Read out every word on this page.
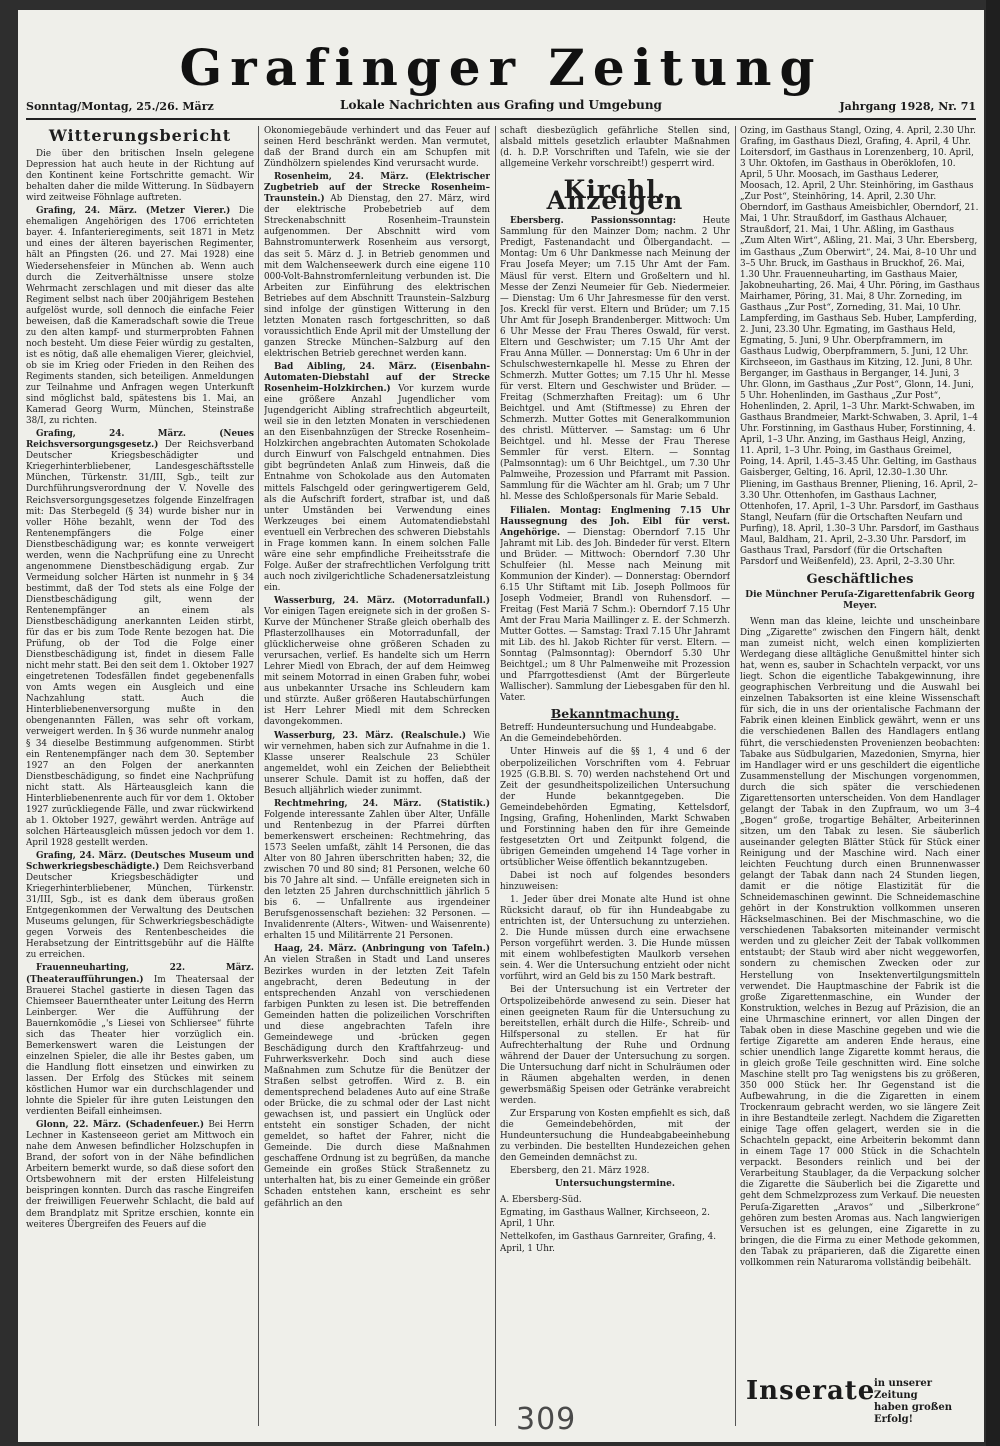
Grafinger Zeitung
Sonntag/Montag, 25./26. März	Lokale Nachrichten aus Grafing und Umgebung	Jahrgang 1928, Nr. 71
Witterungsbericht

Die über den britischen Inseln gelegene Depression hat auch heute in der Richtung auf den Kontinent keine Fortschritte gemacht. Wir behalten daher die milde Witterung. In Südbayern wird zeitweise Föhnlage auftreten.

Grafing, 24. März. (Metzer Vierer.) Die ehemaligen Angehörigen des 1706 errichteten bayer. 4. Infanterieregiments, seit 1871 in Metz und eines der älteren bayerischen Regimenter, hält an Pfingsten (26. und 27. Mai 1928) eine Wiedersehensfeier in München ab. Wenn auch durch die Zeitverhältnisse unsere stolze Wehrmacht zerschlagen und mit dieser das alte Regiment selbst nach über 200jährigem Bestehen aufgelöst wurde, soll dennoch die einfache Feier beweisen, daß die Kameradschaft sowie die Treue zu den alten kampf- und sturmerprobten Fahnen noch besteht. Um diese Feier würdig zu gestalten, ist es nötig, daß alle ehemaligen Vierer, gleichviel, ob sie im Krieg oder Frieden in den Reihen des Regiments standen, sich beteiligen. Anmeldungen zur Teilnahme und Anfragen wegen Unterkunft sind möglichst bald, spätestens bis 1. Mai, an Kamerad Georg Wurm, München, Steinstraße 38/I, zu richten.

Grafing, 24. März. (Neues Reichsversorgungsgesetz.) Der Reichsverband Deutscher Kriegsbeschädigter und Kriegerhinterbliebener, Landesgeschäftsstelle München, Türkenstr. 31/III, Sgb., teilt zur Durchführungsverordnung der V. Novelle des Reichsversorgungsgesetzes folgende Einzelfragen mit: Das Sterbegeld (§ 34) wurde bisher nur in voller Höhe bezahlt, wenn der Tod des Rentenempfängers die Folge einer Dienstbeschädigung war; es konnte verweigert werden, wenn die Nachprüfung eine zu Unrecht angenommene Dienstbeschädigung ergab. Zur Vermeidung solcher Härten ist nunmehr in § 34 bestimmt, daß der Tod stets als eine Folge der Dienstbeschädigung gilt, wenn der Rentenempfänger an einem als Dienstbeschädigung anerkannten Leiden stirbt, für das er bis zum Tode Rente bezogen hat. Die Prüfung, ob der Tod die Folge einer Dienstbeschädigung ist, findet in diesem Falle nicht mehr statt. Bei den seit dem 1. Oktober 1927 eingetretenen Todesfällen findet gegebenenfalls von Amts wegen ein Ausgleich und eine Nachzahlung statt. Auch die Hinterbliebenenversorgung mußte in den obengenannten Fällen, was sehr oft vorkam, verweigert werden. In § 36 wurde nunmehr analog § 34 dieselbe Bestimmung aufgenommen. Stirbt ein Rentenempfänger nach dem 30. September 1927 an den Folgen der anerkannten Dienstbeschädigung, so findet eine Nachprüfung nicht statt. Als Härteausgleich kann die Hinterbliebenenrente auch für vor dem 1. Oktober 1927 zurückliegende Fälle, und zwar rückwirkend ab 1. Oktober 1927, gewährt werden. Anträge auf solchen Härteausgleich müssen jedoch vor dem 1. April 1928 gestellt werden.

Grafing, 24. März. (Deutsches Museum und Schwerkriegsbeschädigte.) Dem Reichsverband Deutscher Kriegsbeschädigter und Kriegerhinterbliebener, München, Türkenstr. 31/III, Sgb., ist es dank dem überaus großen Entgegenkommen der Verwaltung des Deutschen Museums gelungen, für Schwerkriegsbeschädigte gegen Vorweis des Rentenbescheides die Herabsetzung der Eintrittsgebühr auf die Hälfte zu erreichen.

Frauenneuharting, 22. März. (Theateraufführungen.) Im Theatersaal der Brauerei Stachel gastierte in diesen Tagen das Chiemseer Bauerntheater unter Leitung des Herrn Leinberger. Wer die Aufführung der Bauernkomödie „'s Liesei von Schliersee“ führte sich das Theater hier vorzüglich ein. Bemerkenswert waren die Leistungen der einzelnen Spieler, die alle ihr Bestes gaben, um die Handlung flott einsetzen und einwirken zu lassen. Der Erfolg des Stückes mit seinem köstlichen Humor war ein durchschlagender und lohnte die Spieler für ihre guten Leistungen den verdienten Beifall einheimsen.

Glonn, 22. März. (Schadenfeuer.) Bei Herrn Lechner in Kastenseeon geriet am Mittwoch ein nahe dem Anwesen befindlicher Holzschupfen in Brand, der sofort von in der Nähe befindlichen Arbeitern bemerkt wurde, so daß diese sofort den Ortsbewohnern mit der ersten Hilfeleistung beispringen konnten. Durch das rasche Eingreifen der freiwilligen Feuerwehr Schlacht, die bald auf dem Brandplatz mit Spritze erschien, konnte ein weiteres Übergreifen des Feuers auf die

Ökonomiegebäude verhindert und das Feuer auf seinen Herd beschränkt werden. Man vermutet, daß der Brand durch ein am Schupfen mit Zündhölzern spielendes Kind verursacht wurde.

Rosenheim, 24. März. (Elektrischer Zugbetrieb auf der Strecke Rosenheim–Traunstein.) Ab Dienstag, den 27. März, wird der elektrische Probebetrieb auf dem Streckenabschnitt Rosenheim–Traunstein aufgenommen. Der Abschnitt wird vom Bahnstromunterwerk Rosenheim aus versorgt, das seit 5. März d. J. in Betrieb genommen und mit dem Walchenseewerk durch eine eigene 110 000-Volt-Bahnstromfernleitung verbunden ist. Die Arbeiten zur Einführung des elektrischen Betriebes auf dem Abschnitt Traunstein–Salzburg sind infolge der günstigen Witterung in den letzten Monaten rasch fortgeschritten, so daß voraussichtlich Ende April mit der Umstellung der ganzen Strecke München–Salzburg auf den elektrischen Betrieb gerechnet werden kann.

Bad Aibling, 24. März. (Eisenbahn-Automaten-Diebstahl auf der Strecke Rosenheim–Holzkirchen.) Vor kurzem wurde eine größere Anzahl Jugendlicher vom Jugendgericht Aibling strafrechtlich abgeurteilt, weil sie in den letzten Monaten in verschiedenen an den Eisenbahnzügen der Strecke Rosenheim–Holzkirchen angebrachten Automaten Schokolade durch Einwurf von Falschgeld entnahmen. Dies gibt begründeten Anlaß zum Hinweis, daß die Entnahme von Schokolade aus den Automaten mittels Falschgeld oder geringwertigerem Geld, als die Aufschrift fordert, strafbar ist, und daß unter Umständen bei Verwendung eines Werkzeuges bei einem Automatendiebstahl eventuell ein Verbrechen des schweren Diebstahls in Frage kommen kann. In einem solchen Falle wäre eine sehr empfindliche Freiheitsstrafe die Folge. Außer der strafrechtlichen Verfolgung tritt auch noch zivilgerichtliche Schadenersatzleistung ein.

Wasserburg, 24. März. (Motorradunfall.) Vor einigen Tagen ereignete sich in der großen S-Kurve der Münchener Straße gleich oberhalb des Pflasterzollhauses ein Motorradunfall, der glücklicherweise ohne größeren Schaden zu verursachen, verlief. Es handelte sich um Herrn Lehrer Miedl von Ebrach, der auf dem Heimweg mit seinem Motorrad in einen Graben fuhr, wobei aus unbekannter Ursache ins Schleudern kam und stürzte. Außer größeren Hautabschürfungen ist Herr Lehrer Miedl mit dem Schrecken davongekommen.

Wasserburg, 23. März. (Realschule.) Wie wir vernehmen, haben sich zur Aufnahme in die 1. Klasse unserer Realschule 23 Schüler angemeldet, wohl ein Zeichen der Beliebtheit unserer Schule. Damit ist zu hoffen, daß der Besuch alljährlich wieder zunimmt.

Rechtmehring, 24. März. (Statistik.) Folgende interessante Zahlen über Alter, Unfälle und Rentenbezug in der Pfarrei dürften bemerkenswert erscheinen: Rechtmehring, das 1573 Seelen umfaßt, zählt 14 Personen, die das Alter von 80 Jahren überschritten haben; 32, die zwischen 70 und 80 sind; 81 Personen, welche 60 bis 70 Jahre alt sind. — Unfälle ereigneten sich in den letzten 25 Jahren durchschnittlich jährlich 5 bis 6. — Unfallrente aus irgendeiner Berufsgenossenschaft beziehen: 32 Personen. — Invalidenrente (Alters-, Witwen- und Waisenrente) erhalten 15 und Militärrente 21 Personen.

Haag, 24. März. (Anbringung von Tafeln.) An vielen Straßen in Stadt und Land unseres Bezirkes wurden in der letzten Zeit Tafeln angebracht, deren Bedeutung in der entsprechenden Anzahl von verschiedenen farbigen Punkten zu lesen ist. Die betreffenden Gemeinden hatten die polizeilichen Vorschriften und diese angebrachten Tafeln ihre Gemeindewege und -brücken gegen Beschädigung durch den Kraftfahrzeug- und Fuhrwerksverkehr. Doch sind auch diese Maßnahmen zum Schutze für die Benützer der Straßen selbst getroffen. Wird z. B. ein dementsprechend beladenes Auto auf eine Straße oder Brücke, die zu schmal oder der Last nicht gewachsen ist, und passiert ein Unglück oder entsteht ein sonstiger Schaden, der nicht gemeldet, so haftet der Fahrer, nicht die Gemeinde. Die durch diese Maßnahmen geschaffene Ordnung ist zu begrüßen, da manche Gemeinde ein großes Stück Straßennetz zu unterhalten hat, bis zu einer Gemeinde ein größer Schaden entstehen kann, erscheint es sehr gefährlich an den

schaft diesbezüglich gefährliche Stellen sind, alsbald mittels gesetzlich erlaubter Maßnahmen (d. h. D.P. Vorschriften und Tafeln, wie sie der allgemeine Verkehr vorschreibt!) gesperrt wird.

Kirchl. Anzeigen

Ebersberg. Passionssonntag:	Heute Sammlung für den Mainzer Dom; nachm. 2 Uhr Predigt, Fastenandacht und Ölbergandacht. — Montag: Um 6 Uhr Dankmesse nach Meinung der Frau Josefa Meyer; um 7.15 Uhr Amt der Fam. Mäusl für verst. Eltern und Großeltern und hl. Messe der Zenzi Neumeier für Geb. Niedermeier. — Dienstag: Um 6 Uhr Jahresmesse für den verst. Jos. Kreckl für verst. Eltern und Brüder; um 7.15 Uhr Amt für Joseph Brandenberger. Mittwoch: Um 6 Uhr Messe der Frau Theres Oswald, für verst. Eltern und Geschwister; um 7.15 Uhr Amt der Frau Anna Müller. — Donnerstag: Um 6 Uhr in der Schulschwesternkapelle hl. Messe zu Ehren der Schmerzh. Mutter Gottes; um 7.15 Uhr hl. Messe für verst. Eltern und Geschwister und Brüder. — Freitag (Schmerzhaften Freitag): um 6 Uhr Beichtgel. und Amt (Stiftmesse) zu Ehren der Schmerzh. Mutter Gottes mit Generalkommunion des christl. Mütterver. — Samstag: um 6 Uhr Beichtgel. und hl. Messe der Frau Therese Semmler für verst. Eltern. — Sonntag (Palmsonntag): um 6 Uhr Beichtgel., um 7.30 Uhr Palmweihe, Prozession und Pfarramt mit Passion. Sammlung für die Wächter am hl. Grab; um 7 Uhr hl. Messe des Schloßpersonals für Marie Sebald.

Filialen. Montag: Englmening 7.15 Uhr Haussegnung des Joh. Eibl für verst. Angehörige. — Dienstag: Oberndorf 7.15 Uhr Jahramt mit Lib. des Joh. Bindeder für verst. Eltern und Brüder. — Mittwoch: Oberndorf 7.30 Uhr Schulfeier (hl. Messe nach Meinung mit Kommunion der Kinder). — Donnerstag: Oberndorf 6.15 Uhr Stiftamt mit Lib. Joseph Pollmoos für Joseph Vodmeier, Brandl von Ruhensdorf. — Freitag (Fest Mariä 7 Schm.): Oberndorf 7.15 Uhr Amt der Frau Maria Maillinger z. E. der Schmerzh. Mutter Gottes. — Samstag: Traxl 7.15 Uhr Jahramt mit Lib. des hl. Jakob Richter für verst. Eltern. — Sonntag (Palmsonntag): Oberndorf 5.30 Uhr Beichtgel.; um 8 Uhr Palmenweihe mit Prozession und Pfarrgottesdienst (Amt der Bürgerleute Wallischer). Sammlung der Liebesgaben für den hl. Vater.

Bekanntmachung.

Betreff: Hundeuntersuchung und Hundeabgabe. An die Gemeindebehörden.

Unter Hinweis auf die §§ 1, 4 und 6 der oberpolizeilichen Vorschriften vom 4. Februar 1925 (G.B.Bl. S. 70) werden nachstehend Ort und Zeit der gesundheitspolizeilichen Untersuchung der Hunde bekanntgegeben. Die Gemeindebehörden Egmating, Kettelsdorf, Ingsing, Grafing, Hohenlinden, Markt Schwaben und Forstinning haben den für ihre Gemeinde festgesetzten Ort und Zeitpunkt folgend, die übrigen Gemeinden umgehend 14 Tage vorher in ortsüblicher Weise öffentlich bekanntzugeben.

Dabei ist noch auf folgendes besonders hinzuweisen:

1. Jeder über drei Monate alte Hund ist ohne Rücksicht darauf, ob für ihn Hundeabgabe zu entrichten ist, der Untersuchung zu unterziehen. 2. Die Hunde müssen durch eine erwachsene Person vorgeführt werden. 3. Die Hunde müssen mit einem wohlbefestigten Maulkorb versehen sein. 4. Wer die Untersuchung entzieht oder nicht vorführt, wird an Geld bis zu 150 Mark bestraft.

Bei der Untersuchung ist ein Vertreter der Ortspolizeibehörde anwesend zu sein. Dieser hat einen geeigneten Raum für die Untersuchung zu bereitstellen, erhält durch die Hilfe-, Schreib- und Hilfspersonal zu stellen. Er hat für Aufrechterhaltung der Ruhe und Ordnung während der Dauer der Untersuchung zu sorgen. Die Untersuchung darf nicht in Schulräumen oder in Räumen abgehalten werden, in denen gewerbsmäßig Speisen oder Getränke verabreicht werden.

Zur Ersparung von Kosten empfiehlt es sich, daß die Gemeindebehörden, mit der Hundeuntersuchung die Hundeabgabeeinhebung zu verbinden. Die bestellten Hundezeichen gehen den Gemeinden demnächst zu.

Ebersberg, den 21. März 1928.

Untersuchungstermine.

A. Ebersberg-Süd.

Egmating, im Gasthaus Wallner, Kirchseeon, 2. April, 1 Uhr.

Nettelkofen, im Gasthaus Garnreiter, Grafing, 4. April, 1 Uhr.

Ozing, im Gasthaus Stangl, Ozing, 4. April, 2.30 Uhr. Grafing, im Gasthaus Diezl, Grafing, 4. April, 4 Uhr. Loitersdorf, im Gasthaus in Lorenzenberg, 10. April, 3 Uhr. Oktofen, im Gasthaus in Oberöklofen, 10. April, 5 Uhr. Moosach, im Gasthaus Lederer, Moosach, 12. April, 2 Uhr. Steinhöring, im Gasthaus „Zur Post“, Steinhöring, 14. April, 2.30 Uhr. Oberndorf, im Gasthaus Ameisbichler, Oberndorf, 21. Mai, 1 Uhr. Straußdorf, im Gasthaus Alchauer, Straußdorf, 21. Mai, 1 Uhr. Aßling, im Gasthaus „Zum Alten Wirt“, Aßling, 21. Mai, 3 Uhr. Ebersberg, im Gasthaus „Zum Oberwirt“, 24. Mai, 8–10 Uhr und 3–5 Uhr. Bruck, im Gasthaus in Bruckhof, 26. Mai, 1.30 Uhr. Frauenneuharting, im Gasthaus Maier, Jakobneuharting, 26. Mai, 4 Uhr. Pöring, im Gasthaus Mairhamer, Pöring, 31. Mai, 8 Uhr. Zorneding, im Gasthaus „Zur Post“, Zorneding, 31. Mai, 10 Uhr. Lampferding, im Gasthaus Seb. Huber, Lampferding, 2. Juni, 23.30 Uhr. Egmating, im Gasthaus Held, Egmating, 5. Juni, 9 Uhr. Oberpframmern, im Gasthaus Ludwig, Oberpframmern, 5. Juni, 12 Uhr. Kirchseeon, im Gasthaus im Kitzing, 12. Juni, 8 Uhr. Berganger, im Gasthaus in Berganger, 14. Juni, 3 Uhr. Glonn, im Gasthaus „Zur Post“, Glonn, 14. Juni, 5 Uhr. Hohenlinden, im Gasthaus „Zur Post“, Hohenlinden, 2. April, 1–3 Uhr. Markt-Schwaben, im Gasthaus Brandmeier, Markt-Schwaben, 3. April, 1–4 Uhr. Forstinning, im Gasthaus Huber, Forstinning, 4. April, 1–3 Uhr. Anzing, im Gasthaus Heigl, Anzing, 11. April, 1–3 Uhr. Poing, im Gasthaus Greimel, Poing, 14. April, 1.45–3.45 Uhr. Gelting, im Gasthaus Gaisberger, Gelting, 16. April, 12.30–1.30 Uhr. Pliening, im Gasthaus Brenner, Pliening, 16. April, 2–3.30 Uhr. Ottenhofen, im Gasthaus Lachner, Ottenhofen, 17. April, 1–3 Uhr. Parsdorf, im Gasthaus Stangl, Neufarn (für die Ortschaften Neufarn und Purfing), 18. April, 1.30–3 Uhr. Parsdorf, im Gasthaus Maul, Baldham, 21. April, 2–3.30 Uhr. Parsdorf, im Gasthaus Traxl, Parsdorf (für die Ortschaften Parsdorf und Weißenfeld), 23. April, 2–3.30 Uhr.

Geschäftliches
Die Münchner Peruſa-Zigarettenfabrik Georg Meyer.

Wenn man das kleine, leichte und unscheinbare Ding „Zigarette“ zwischen den Fingern hält, denkt man zumeist nicht, welch einen komplizierten Werdegang diese alltägliche Genußmittel hinter sich hat, wenn es, sauber in Schachteln verpackt, vor uns liegt. Schon die eigentliche Tabakgewinnung, ihre geographischen Verbreitung und die Auswahl bei einzelnen Tabaksorten ist eine kleine Wissenschaft für sich, die in uns der orientalische Fachmann der Fabrik einen kleinen Einblick gewährt, wenn er uns die verschiedenen Ballen des Handlagers entlang führt, die verschiedensten Provenienzen beobachten: Tabake aus Südbulgarien, Mazedonien, Smyrna, hier im Handlager wird er uns geschildert die eigentliche Zusammenstellung der Mischungen vorgenommen, durch die sich später die verschiedenen Zigarettensorten unterscheiden. Von dem Handlager gelangt der Tabak in den Zupfraum, wo um 3–4 „Bogen“ große, trogartige Behälter, Arbeiterinnen sitzen, um den Tabak zu lesen. Sie säuberlich auseinander gelegten Blätter Stück für Stück einer Reinigung und der Maschine wird. Nach einer leichten Feuchtung durch einen Brunnenwasser gelangt der Tabak dann nach 24 Stunden liegen, damit er die nötige Elastizität für die Schneidemaschinen gewinnt. Die Schneidemaschine gehört in der Konstruktion vollkommen unseren Häckselmaschinen. Bei der Mischmaschine, wo die verschiedenen Tabaksorten miteinander vermischt werden und zu gleicher Zeit der Tabak vollkommen entstaubt; der Staub wird aber nicht weggeworfen, sondern zu chemischen Zwecken oder zur Herstellung von Insektenvertilgungsmitteln verwendet. Die Hauptmaschine der Fabrik ist die große Zigarettenmaschine, ein Wunder der Konstruktion, welches in Bezug auf Präzision, die an eine Uhrmaschine erinnert, vor allen Dingen der Tabak oben in diese Maschine gegeben und wie die fertige Zigarette am anderen Ende heraus, eine schier unendlich lange Zigarette kommt heraus, die in gleich große Teile geschnitten wird. Eine solche Maschine stellt pro Tag wenigstens bis zu größeren, 350 000 Stück her. Ihr Gegenstand ist die Aufbewahrung, in die die Zigaretten in einem Trockenraum gebracht werden, wo sie längere Zeit in ihre Bestandteile zerlegt. Nachdem die Zigaretten einige Tage offen gelagert, werden sie in die Schachteln gepackt, eine Arbeiterin bekommt dann in einem Tage 17 000 Stück in die Schachteln verpackt. Besonders reinlich und bei der Verarbeitung Staublager, da die Verpackung solcher die Zigarette die Säuberlich bei die Zigarette und geht dem Schmelzprozess zum Verkauf. Die neuesten Peruſa-Zigaretten „Aravos“ und „Silberkrone“ gehören zum besten Aromas aus. Nach langwierigen Versuchen ist es gelungen, eine Zigarette in zu bringen, die die Firma zu einer Methode gekommen, den Tabak zu präparieren, daß die Zigarette einen vollkommen rein Naturaroma vollständig beibehält.

Inserate
in unserer Zeitung
haben großen Erfolg!
309
